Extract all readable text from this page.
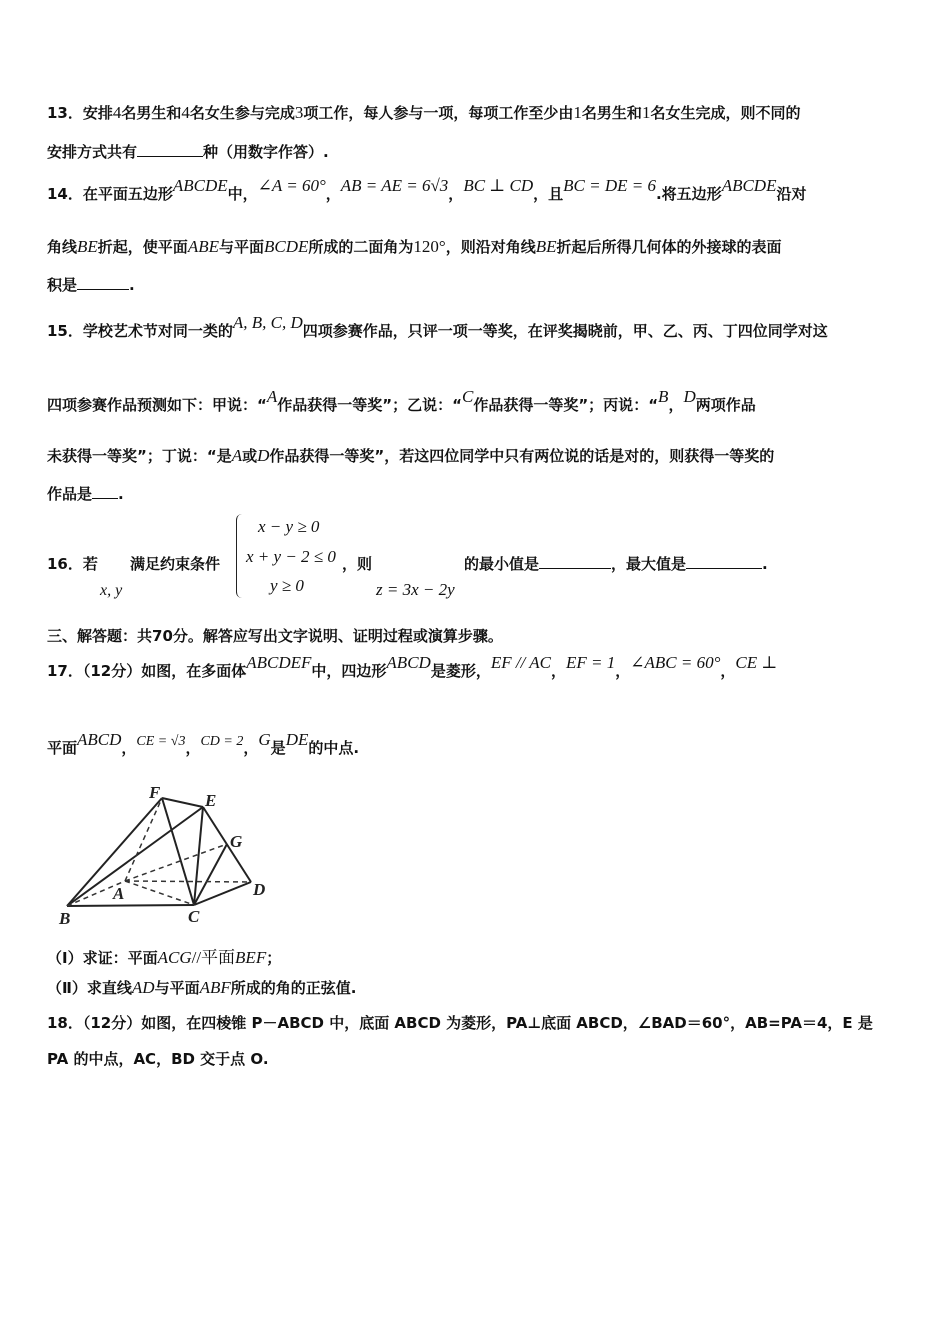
13．安排4名男生和4名女生参与完成3项工作，每人参与一项，每项工作至少由1名男生和1名女生完成，则不同的
安排方式共有	种（用数字作答）.
14．在平面五边形ABCDE中，∠A = 60°，AB = AE = 6√3，BC ⊥ CD，且BC = DE = 6.将五边形ABCDE沿对
角线BE折起，使平面ABE与平面BCDE所成的二面角为120°，则沿对角线BE折起后所得几何体的外接球的表面
积是	.
15．学校艺术节对同一类的A, B, C, D四项参赛作品，只评一项一等奖，在评奖揭晓前，甲、乙、丙、丁四位同学对这
四项参赛作品预测如下：甲说：“A作品获得一等奖”；乙说：“C作品获得一等奖”；丙说：“B，D两项作品
未获得一等奖”；丁说：“是A或D作品获得一等奖”，若这四位同学中只有两位说的话是对的，则获得一等奖的
作品是 .
16．若
x, y
满足约束条件
x − y ≥ 0
x + y − 2 ≤ 0
y ≥ 0
，则
z = 3x − 2y
的最小值是	，最大值是	.
三、解答题：共70分。解答应写出文字说明、证明过程或演算步骤。
17．（12分）如图，在多面体ABCDEF中，四边形ABCD是菱形，EF // AC，EF = 1，∠ABC = 60°，CE ⊥
平面ABCD，CE = √3，CD = 2，G是DE的中点.
F	E
G
A
B	C
D
（Ⅰ）求证：平面ACG//平面BEF；
（Ⅱ）求直线AD与平面ABF所成的角的正弦值.
18．（12分）如图，在四棱锥 P－ABCD 中，底面 ABCD 为菱形，PA⊥底面 ABCD，∠BAD＝60°，AB=PA＝4，E 是
PA 的中点，AC，BD 交于点 O.
